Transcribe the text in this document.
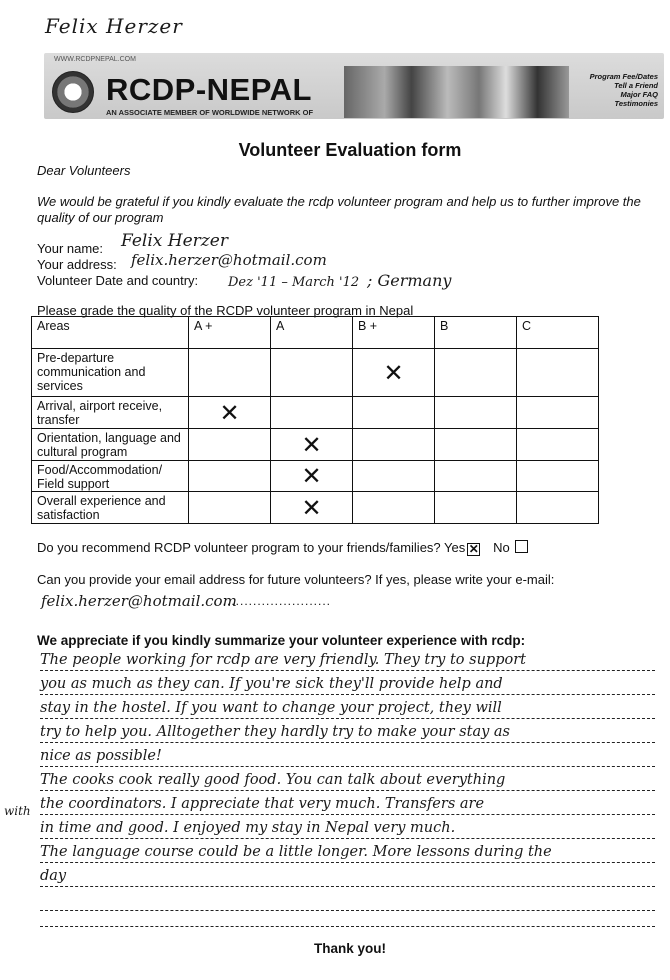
Felix Herzer
WWW.RCDPNEPAL.COM
RCDP-NEPAL
AN ASSOCIATE MEMBER OF WORLDWIDE NETWORK OF
Program Fee/Dates
Tell a Friend
Major FAQ
Testimonies
Volunteer Evaluation form
Dear Volunteers
We would be grateful if you kindly evaluate the rcdp volunteer program and help us to further improve the quality of our program
Your name: Felix Herzer
Your address: felix.herzer@hotmail.com
Volunteer Date and country: Dez '11 – March '12 ; Germany
Please grade the quality of the RCDP volunteer program in Nepal
Areas	A +	A	B +	B	C
Pre-departure communication and services			✕		
Arrival, airport receive, transfer	✕				
Orientation, language and cultural program		✕			
Food/Accommodation/ Field support		✕			
Overall experience and satisfaction		✕			
Do you recommend RCDP volunteer program to your friends/families? Yes ✕ No
Can you provide your email address for future volunteers? If yes, please write your e-mail:
felix.herzer@hotmail.com
...........................
We appreciate if you kindly summarize your volunteer experience with rcdp:
The people working for rcdp are very friendly. They try to support
you as much as they can. If you're sick they'll provide help and
stay in the hostel. If you want to change your project, they will
try to help you. Alltogether they hardly try to make your stay as
nice as possible!
The cooks cook really good food. You can talk about everything
the coordinators. I appreciate that very much. Transfers are
in time and good. I enjoyed my stay in Nepal very much.
The language course could be a little longer. More lessons during the
day
with
Thank you!
